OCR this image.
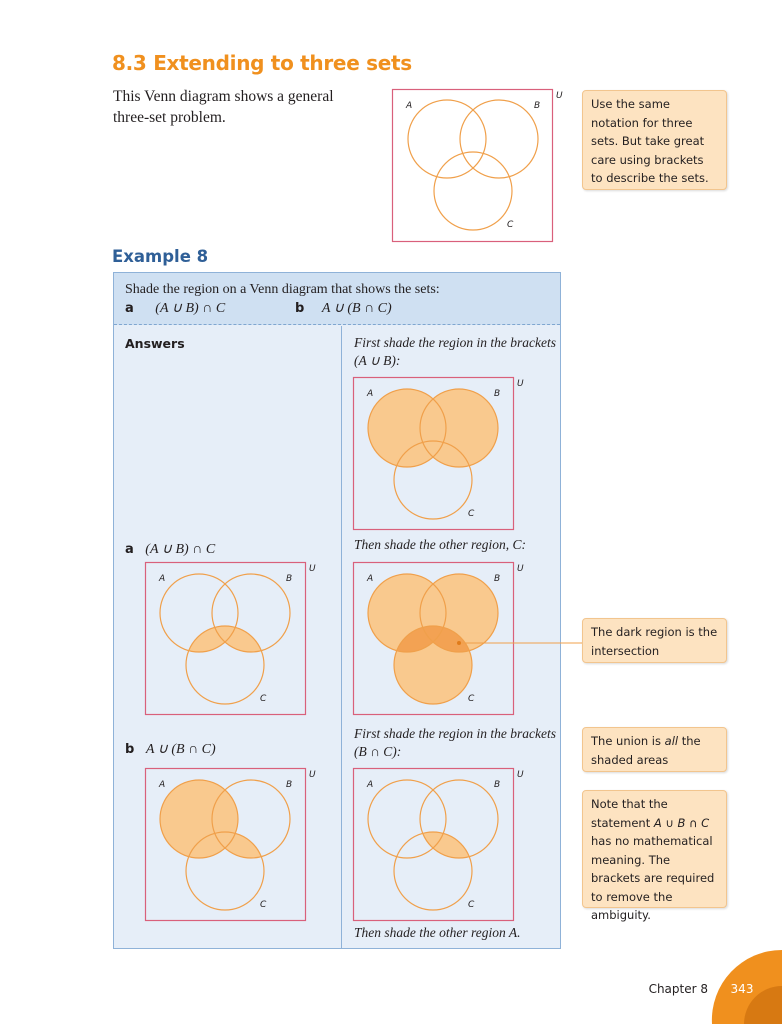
8.3 Extending to three sets
This Venn diagram shows a general three-set problem.
A	B
C
U
Use the same notation for three sets. But take great care using brackets to describe the sets.
Example 8
Shade the region on a Venn diagram that shows the sets:
a (A ∪ B) ∩ C	b A ∪ (B ∩ C)
Answers	First shade the region in the brackets
(A ∪ B):
Then shade the other region, C:
First shade the region in the brackets
(B ∩ C):
Then shade the other region A.
a (A ∪ B) ∩ C
b A ∪ (B ∩ C)
A	B
C
U
A	B
C
U
A	B
C
U
A	B
C
U
A	B
C
U
The dark region is the intersection
The union is all the shaded areas
Note that the statement A ∪ B ∩ C has no mathematical meaning. The brackets are required to remove the ambiguity.
Chapter 8	343
